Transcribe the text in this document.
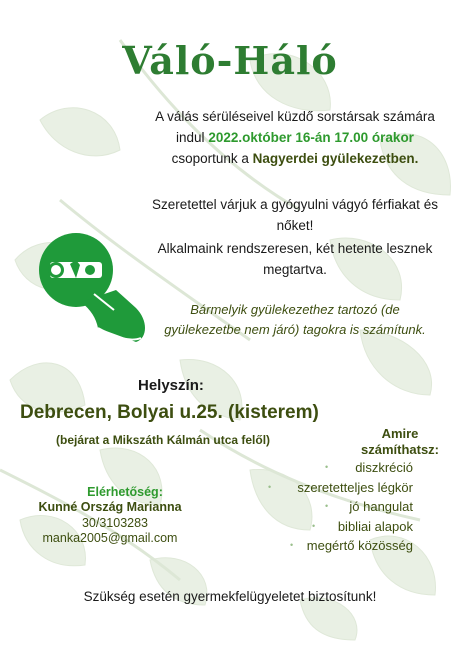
Váló-Háló
A válás sérüléseivel küzdő sorstársak számára indul 2022.október 16-án 17.00 órakor csoportunk a Nagyerdei gyülekezetben.
Szeretettel várjuk a gyógyulni vágyó férfiakat és nőket!
Alkalmaink rendszeresen, két hetente lesznek megtartva.
Bármelyik gyülekezethez tartozó (de gyülekezetbe nem járó) tagokra is számítunk.
Helyszín:
Debrecen, Bolyai u.25. (kisterem)
(bejárat a Mikszáth Kálmán utca felől)	Amire számíthatsz:
• diszkréció
• szeretetteljes légkör
• jó hangulat
• bibliai alapok
• megértő közösség
Elérhetőség:
Kunné Ország Marianna
30/3103283
manka2005@gmail.com
Szükség esetén gyermekfelügyeletet biztosítunk!
